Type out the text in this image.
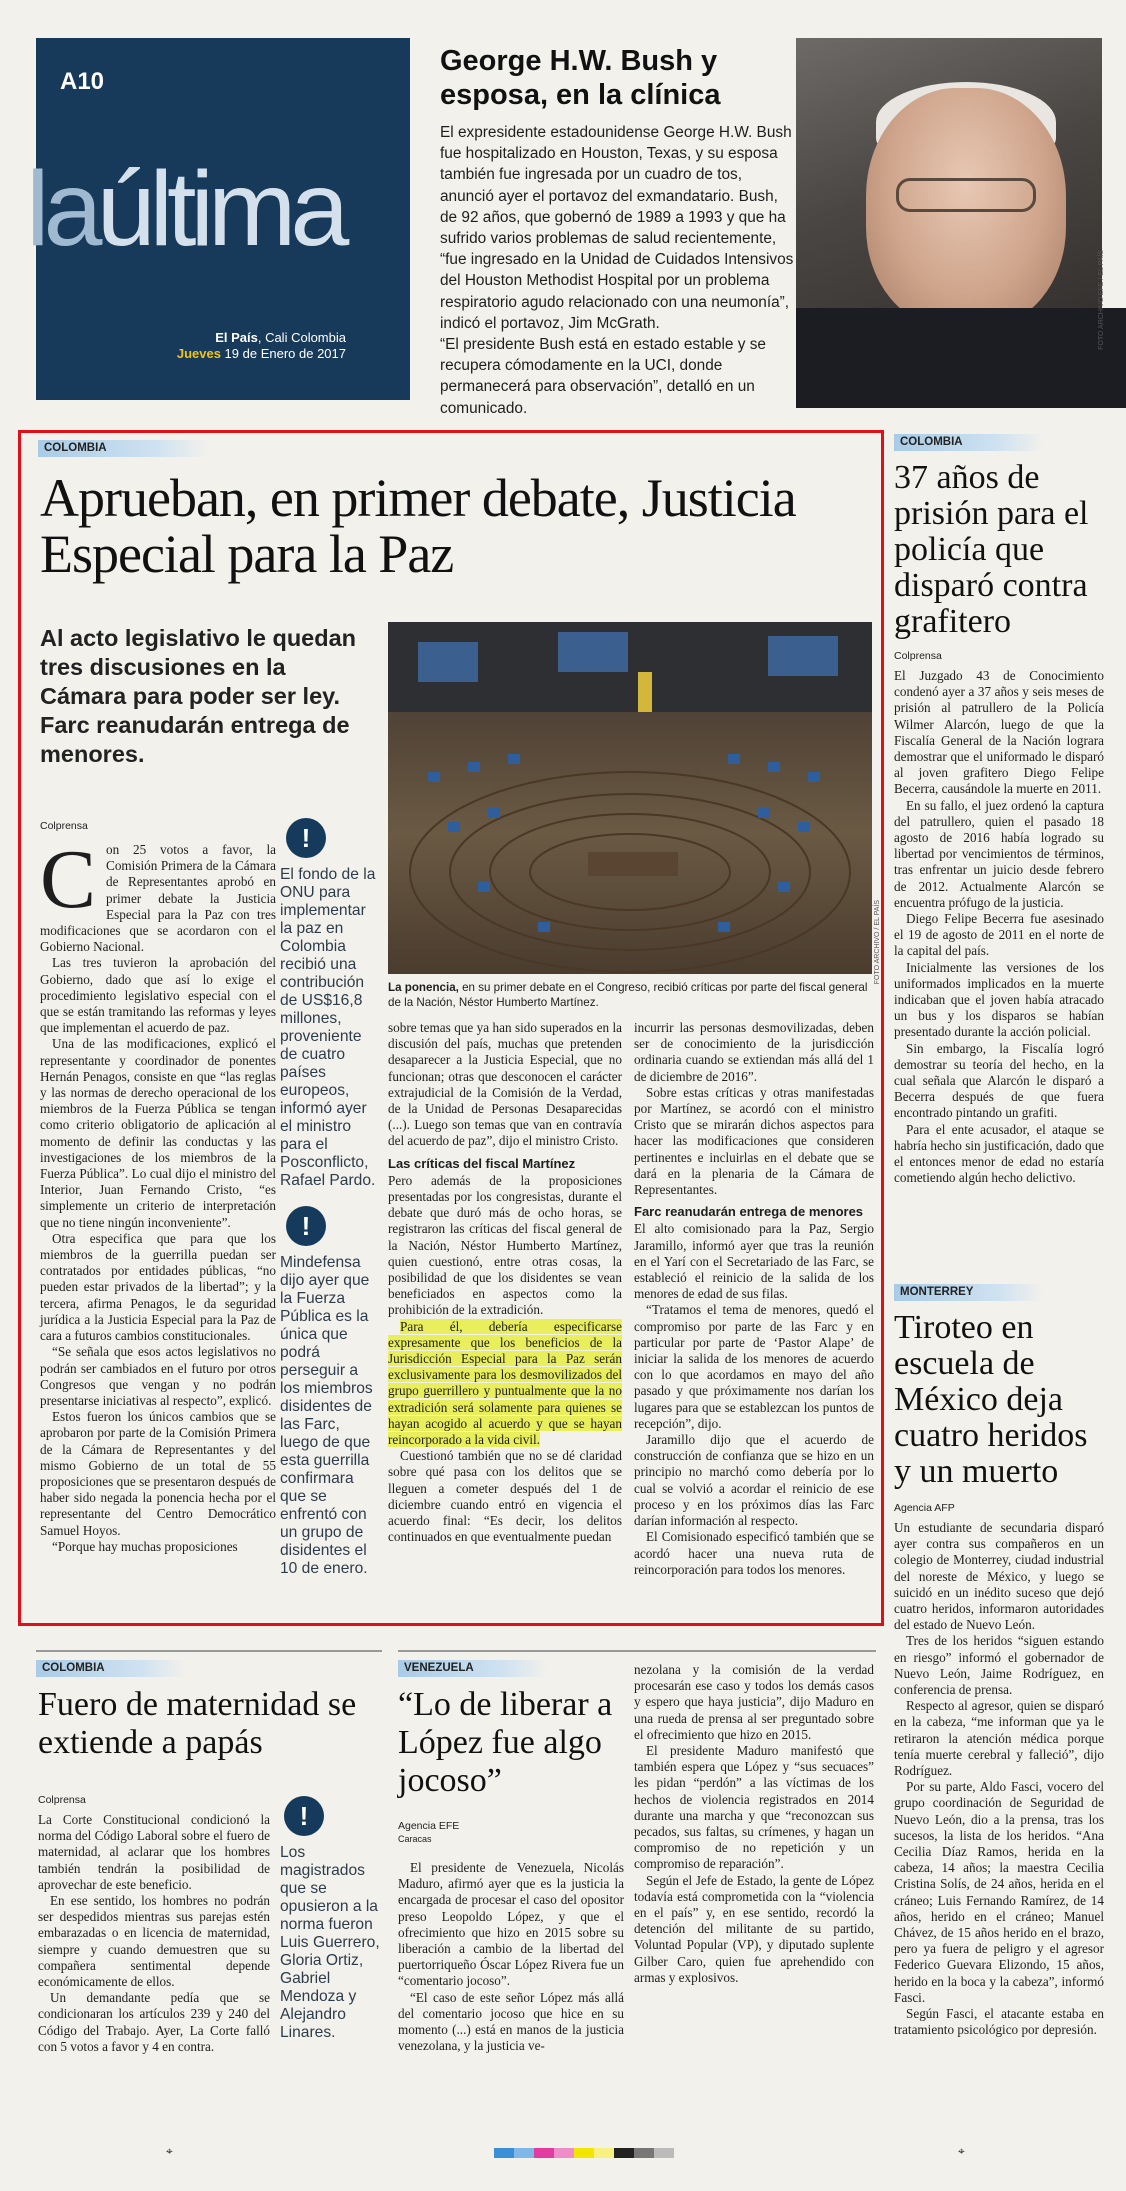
A10
laúltima
El País, Cali Colombia
Jueves 19 de Enero de 2017
George H.W. Bush y esposa, en la clínica

El expresidente estadounidense George H.W. Bush fue hospitalizado en Houston, Texas, y su esposa también fue ingresada por un cuadro de tos, anunció ayer el portavoz del exmandatario. Bush, de 92 años, que gobernó de 1989 a 1993 y que ha sufrido varios problemas de salud recientemente, “fue ingresado en la Unidad de Cuidados Intensivos del Houston Methodist Hospital por un problema respiratorio agudo relacionado con una neumonía”, indicó el portavoz, Jim McGrath.

“El presidente Bush está en estado estable y se recupera cómodamente en la UCI, donde permanecerá para observación”, detalló en un comunicado.

FOTO ARCHIVO EFE / EL PAÍS
COLOMBIA
Aprueban, en primer debate, Justicia Especial para la Paz
Al acto legislativo le quedan tres discusiones en la Cámara para poder ser ley. Farc reanudarán entrega de menores.
Colprensa
C on 25 votos a favor, la Comisión Primera de la Cámara de Representantes aprobó en primer debate la Justicia Especial para la Paz con tres modificaciones que se acordaron con el Gobierno Nacional.

Las tres tuvieron la aprobación del Gobierno, dado que así lo exige el procedimiento legislativo especial con el que se están tramitando las reformas y leyes que implementan el acuerdo de paz.

Una de las modificaciones, explicó el representante y coordinador de ponentes Hernán Penagos, consiste en que “las reglas y las normas de derecho operacional de los miembros de la Fuerza Pública se tengan como criterio obligatorio de aplicación al momento de definir las conductas y las investigaciones de los miembros de la Fuerza Pública”. Lo cual dijo el ministro del Interior, Juan Fernando Cristo, “es simplemente un criterio de interpretación que no tiene ningún inconveniente”.

Otra especifica que para que los miembros de la guerrilla puedan ser contratados por entidades públicas, “no pueden estar privados de la libertad”; y la tercera, afirma Penagos, le da seguridad jurídica a la Justicia Especial para la Paz de cara a futuros cambios constitucionales.

“Se señala que esos actos legislativos no podrán ser cambiados en el futuro por otros Congresos que vengan y no podrán presentarse iniciativas al respecto”, explicó.

Estos fueron los únicos cambios que se aprobaron por parte de la Comisión Primera de la Cámara de Representantes y del mismo Gobierno de un total de 55 proposiciones que se presentaron después de haber sido negada la ponencia hecha por el representante del Centro Democrático Samuel Hoyos.

“Porque hay muchas proposiciones

!
El fondo de la ONU para implementar la paz en Colombia recibió una contribución de US$16,8 millones, proveniente de cuatro países europeos, informó ayer el ministro para el Posconflicto, Rafael Pardo.
!
Mindefensa dijo ayer que la Fuerza Pública es la única que podrá perseguir a los miembros disidentes de las Farc, luego de que esta guerrilla confirmara que se enfrentó con un grupo de disidentes el 10 de enero.
FOTO ARCHIVO / EL PAÍS
La ponencia, en su primer debate en el Congreso, recibió críticas por parte del fiscal general de la Nación, Néstor Humberto Martínez.

sobre temas que ya han sido superados en la discusión del país, muchas que pretenden desaparecer a la Justicia Especial, que no funcionan; otras que desconocen el carácter extrajudicial de la Comisión de la Verdad, de la Unidad de Personas Desaparecidas (...). Luego son temas que van en contravía del acuerdo de paz”, dijo el ministro Cristo.

Las críticas del fiscal Martínez

Pero además de la proposiciones presentadas por los congresistas, durante el debate que duró más de ocho horas, se registraron las críticas del fiscal general de la Nación, Néstor Humberto Martínez, quien cuestionó, entre otras cosas, la posibilidad de que los disidentes se vean beneficiados en aspectos como la prohibición de la extradición.

Para él, debería especificarse expresamente que los beneficios de la Jurisdicción Especial para la Paz serán exclusivamente para los desmovilizados del grupo guerrillero y puntualmente que la no extradición será solamente para quienes se hayan acogido al acuerdo y que se hayan reincorporado a la vida civil.

Cuestionó también que no se dé claridad sobre qué pasa con los delitos que se lleguen a cometer después del 1 de diciembre cuando entró en vigencia el acuerdo final: “Es decir, los delitos continuados en que eventualmente puedan

incurrir las personas desmovilizadas, deben ser de conocimiento de la jurisdicción ordinaria cuando se extiendan más allá del 1 de diciembre de 2016”.

Sobre estas críticas y otras manifestadas por Martínez, se acordó con el ministro Cristo que se mirarán dichos aspectos para hacer las modificaciones que consideren pertinentes e incluirlas en el debate que se dará en la plenaria de la Cámara de Representantes.

Farc reanudarán entrega de menores

El alto comisionado para la Paz, Sergio Jaramillo, informó ayer que tras la reunión en el Yarí con el Secretariado de las Farc, se estableció el reinicio de la salida de los menores de edad de sus filas.

“Tratamos el tema de menores, quedó el compromiso por parte de las Farc y en particular por parte de ‘Pastor Alape’ de iniciar la salida de los menores de acuerdo con lo que acordamos en mayo del año pasado y que próximamente nos darían los lugares para que se establezcan los puntos de recepción”, dijo.

Jaramillo dijo que el acuerdo de construcción de confianza que se hizo en un principio no marchó como debería por lo cual se volvió a acordar el reinicio de ese proceso y en los próximos días las Farc darían información al respecto.

El Comisionado especificó también que se acordó hacer una nueva ruta de reincorporación para todos los menores.

COLOMBIA
37 años de prisión para el policía que disparó contra grafitero
Colprensa

El Juzgado 43 de Conocimiento condenó ayer a 37 años y seis meses de prisión al patrullero de la Policía Wilmer Alarcón, luego de que la Fiscalía General de la Nación lograra demostrar que el uniformado le disparó al joven grafitero Diego Felipe Becerra, causándole la muerte en 2011.

En su fallo, el juez ordenó la captura del patrullero, quien el pasado 18 agosto de 2016 había logrado su libertad por vencimientos de términos, tras enfrentar un juicio desde febrero de 2012. Actualmente Alarcón se encuentra prófugo de la justicia.

Diego Felipe Becerra fue asesinado el 19 de agosto de 2011 en el norte de la capital del país.

Inicialmente las versiones de los uniformados implicados en la muerte indicaban que el joven había atracado un bus y los disparos se habían presentado durante la acción policial.

Sin embargo, la Fiscalía logró demostrar su teoría del hecho, en la cual señala que Alarcón le disparó a Becerra después de que fuera encontrado pintando un grafiti.

Para el ente acusador, el ataque se habría hecho sin justificación, dado que el entonces menor de edad no estaría cometiendo algún hecho delictivo.

MONTERREY
Tiroteo en escuela de México deja cuatro heridos y un muerto
Agencia AFP

Un estudiante de secundaria disparó ayer contra sus compañeros en un colegio de Monterrey, ciudad industrial del noreste de México, y luego se suicidó en un inédito suceso que dejó cuatro heridos, informaron autoridades del estado de Nuevo León.

Tres de los heridos “siguen estando en riesgo” informó el gobernador de Nuevo León, Jaime Rodríguez, en conferencia de prensa.

Respecto al agresor, quien se disparó en la cabeza, “me informan que ya le retiraron la atención médica porque tenía muerte cerebral y falleció”, dijo Rodríguez.

Por su parte, Aldo Fasci, vocero del grupo coordinación de Seguridad de Nuevo León, dio a la prensa, tras los sucesos, la lista de los heridos. “Ana Cecilia Díaz Ramos, herida en la cabeza, 14 años; la maestra Cecilia Cristina Solís, de 24 años, herida en el cráneo; Luis Fernando Ramírez, de 14 años, herido en el cráneo; Manuel Chávez, de 15 años herido en el brazo, pero ya fuera de peligro y el agresor Federico Guevara Elizondo, 15 años, herido en la boca y la cabeza”, informó Fasci.

Según Fasci, el atacante estaba en tratamiento psicológico por depresión.

COLOMBIA
Fuero de maternidad se extiende a papás
Colprensa

La Corte Constitucional condicionó la norma del Código Laboral sobre el fuero de maternidad, al aclarar que los hombres también tendrán la posibilidad de aprovechar de este beneficio.

En ese sentido, los hombres no podrán ser despedidos mientras sus parejas estén embarazadas o en licencia de maternidad, siempre y cuando demuestren que su compañera sentimental depende económicamente de ellos.

Un demandante pedía que se condicionaran los artículos 239 y 240 del Código del Trabajo. Ayer, La Corte falló con 5 votos a favor y 4 en contra.

!
Los magistrados que se opusieron a la norma fueron Luis Guerrero, Gloria Ortiz, Gabriel Mendoza y Alejandro Linares.
VENEZUELA
“Lo de liberar a López fue algo jocoso”
Agencia EFE
Caracas

El presidente de Venezuela, Nicolás Maduro, afirmó ayer que es la justicia la encargada de procesar el caso del opositor preso Leopoldo López, y que el ofrecimiento que hizo en 2015 sobre su liberación a cambio de la libertad del puertorriqueño Óscar López Rivera fue un “comentario jocoso”.

“El caso de este señor López más allá del comentario jocoso que hice en su momento (...) está en manos de la justicia venezolana, y la justicia ve-

nezolana y la comisión de la verdad procesarán ese caso y todos los demás casos y espero que haya justicia”, dijo Maduro en una rueda de prensa al ser preguntado sobre el ofrecimiento que hizo en 2015.

El presidente Maduro manifestó que también espera que López y “sus secuaces” les pidan “perdón” a las víctimas de los hechos de violencia registrados en 2014 durante una marcha y que “reconozcan sus pecados, sus faltas, su crímenes, y hagan un compromiso de no repetición y un compromiso de reparación”.

Según el Jefe de Estado, la gente de López todavía está comprometida con la “violencia en el país” y, en ese sentido, recordó la detención del militante de su partido, Voluntad Popular (VP), y diputado suplente Gilber Caro, quien fue aprehendido con armas y explosivos.

⌖	⌖
